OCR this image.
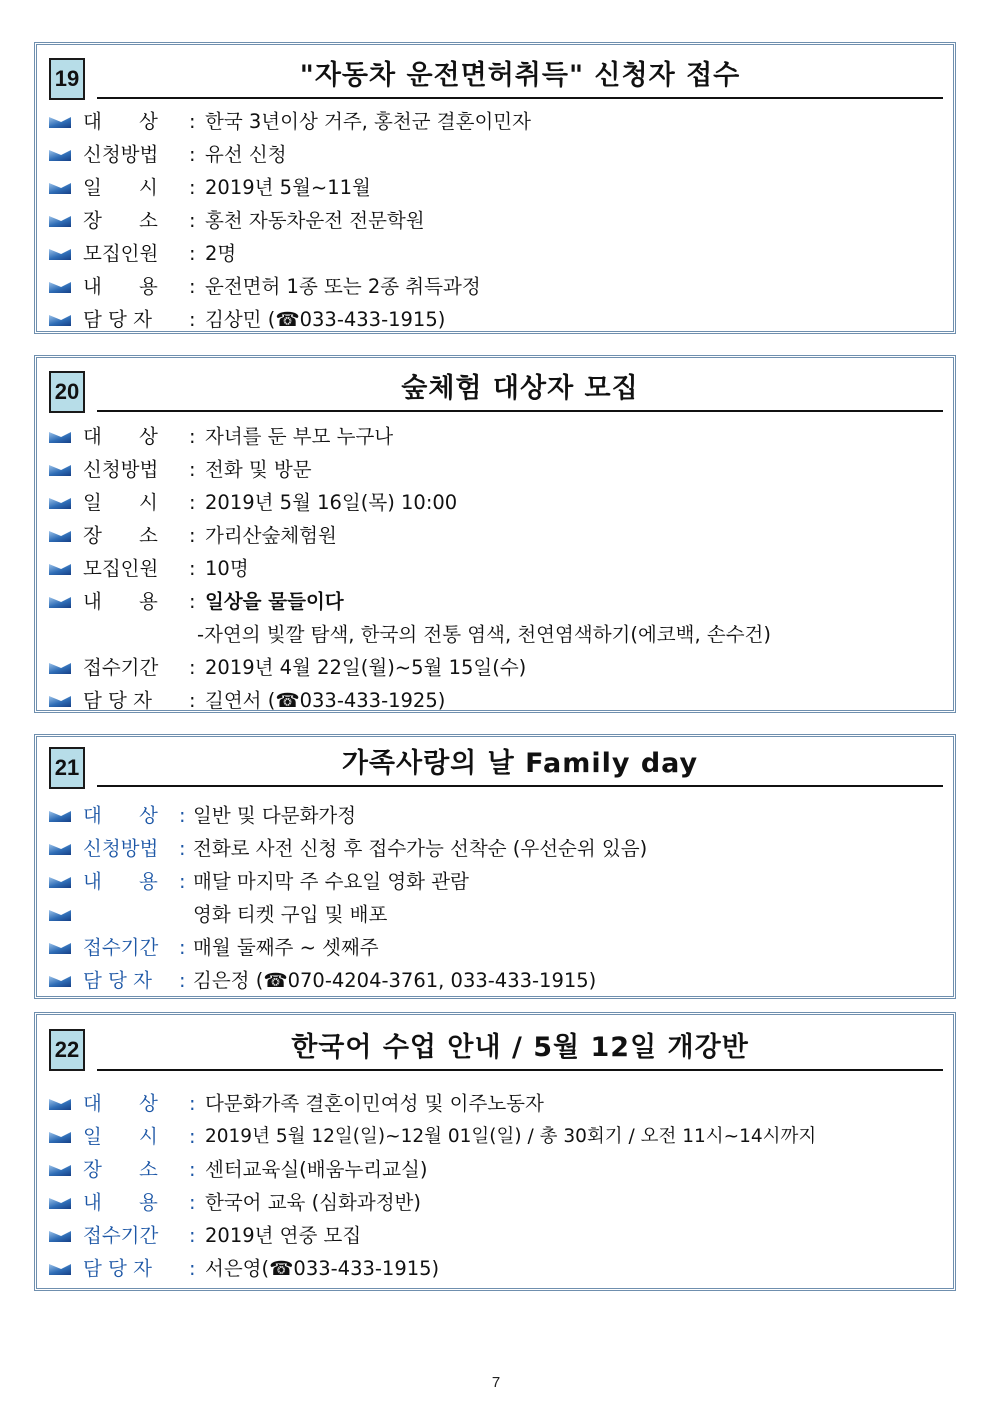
19	"자동차 운전면허취득" 신청자 접수
대      상 : 한국 3년이상 거주, 홍천군 결혼이민자
신청방법 : 유선 신청
일      시 : 2019년 5월~11월
장      소 : 홍천 자동차운전 전문학원
모집인원 : 2명
내      용 : 운전면허 1종 또는 2종 취득과정
담 당 자 : 김상민 (☎033-433-1915)
20	숲체험 대상자 모집
대      상 : 자녀를 둔 부모 누구나
신청방법 : 전화 및 방문
일      시 : 2019년 5월 16일(목) 10:00
장      소 : 가리산숲체험원
모집인원 : 10명
내      용 : 일상을 물들이다
-자연의 빛깔 탐색, 한국의 전통 염색, 천연염색하기(에코백, 손수건)
접수기간 : 2019년 4월 22일(월)~5월 15일(수)
담 당 자 : 길연서 (☎033-433-1925)
21	가족사랑의 날 Family day
대      상 : 일반 및 다문화가정
신청방법 : 전화로 사전 신청 후 접수가능 선착순 (우선순위 있음)
내      용 : 매달 마지막 주 수요일 영화 관람
영화 티켓 구입 및 배포
접수기간 : 매월 둘째주 ~ 셋째주
담 당 자 : 김은정 (☎070-4204-3761, 033-433-1915)
22	한국어 수업 안내 / 5월 12일 개강반
대      상 : 다문화가족 결혼이민여성 및 이주노동자
일      시 : 2019년 5월 12일(일)~12월 01일(일) / 총 30회기 / 오전 11시~14시까지
장      소 : 센터교육실(배움누리교실)
내      용 : 한국어 교육 (심화과정반)
접수기간 : 2019년 연중 모집
담 당 자 : 서은영(☎033-433-1915)
7
